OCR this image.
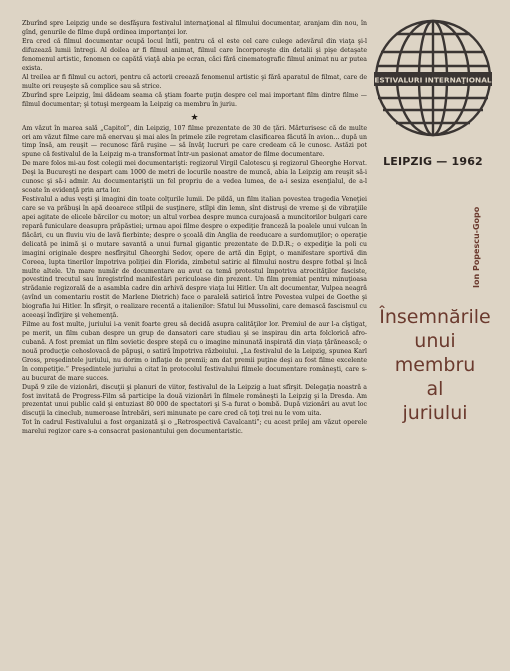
Zburînd spre Leipzig unde se desfăşura festivalul internaţional al filmului documentar, aranjam din nou, în gînd, genurile de filme după ordinea importanţei lor.

Era cred că filmul documentar ocupă locul întîi, pentru că el este cel care culege adevărul din viaţa şi-l difuzează lumii întregi. Al doilea ar fi filmul animat, filmul care încorporeşte din detalii şi pişe detaşate fenomenul artistic, fenomen ce capătă viaţă abia pe ecran, căci fără cinematografic filmul animat nu ar putea exista.

Al treilea ar fi filmul cu actori, pentru că actorii creează fenomenul artistic şi fără aparatul de filmat, care de multe ori reuşeşte să complice sau să strice.

Zburînd spre Leipzig, îmi dădeam seama că ştiam foarte puţin despre cel mai important film dintre filme — filmul documentar; şi totuşi mergeam la Leipzig ca membru în juriu.

★

Am văzut în marea sală „Capitol”, din Leipzig, 107 filme prezentate de 30 de ţări. Mărturisesc că de multe ori am văzut filme care mă enervau şi mai ales în primele zile regretam clasificarea făcută în avion... după un timp însă, am reuşit — recunosc fără ruşine — să învăţ lucruri pe care credeam că le cunosc. Astăzi pot spune că festivalul de la Leipzig m-a transformat într-un pasionat amator de filme documentare.

De mare folos mi-au fost colegii mei documentarişti: regizorul Virgil Calotescu şi regizorul Gheorghe Horvat. Deşi la Bucureşti ne despart cam 1000 de metri de locurile noastre de muncă, abia la Leipzig am reuşit să-i cunosc şi să-i admir. Au documentariştii un fel propriu de a vedea lumea, de a-i sesiza esenţialul, de a-l scoate în evidenţă prin arta lor.

Festivalul a adus veşti şi imagini din toate colţurile lumii. De pildă, un film italian povestea tragedia Veneţiei care se va prăbuşi în apă deoarece stîlpii de susţinere, stîlpi din lemn, sînt distruşi de vreme şi de vibraţiile apei agitate de elicele bărcilor cu motor; un altul vorbea despre munca curajoasă a muncitorilor bulgari care repară funiculare deasupra prăpăstiei; urmau apoi filme despre o expediţie franceză la poalele unui vulcan în flăcări, cu un fluviu viu de lavă fierbinte; despre o şcoală din Anglia de reeducare a surdomuţilor; o operaţie delicată pe inimă şi o mutare savantă a unui furnal gigantic prezentate de D.D.R.; o expediţie la poli cu imagini originale despre nesfîrşitul Gheorghi Sedov, opere de artă din Egipt, o manifestare sportivă din Coreea, lupta tinerilor împotriva poliţiei din Florida, zimbetul satiric al filmului nostru despre fotbal şi încă multe altele. Un mare număr de documentare au avut ca temă protestul împotriva atrocităţilor fasciste, povestind trecutul sau înregistrînd manifestări periculoase din prezent. Un film premiat pentru minuţioasa strădanie regizorală de a asambla cadre din arhivă despre viaţa lui Hitler. Un alt documentar, Vulpea neagră (avînd un comentariu rostit de Marlene Dietrich) face o paralelă satirică între Povestea vulpei de Goethe şi biografia lui Hitler. În sfîrşit, o realizare recentă a italienilor: Sfatul lui Mussolini, care demască fascismul cu aceeaşi îndîrjire şi vehemenţă.

Filme au fost multe, juriului i-a venit foarte greu să decidă asupra calităţilor lor. Premiul de aur l-a cîştigat, pe merit, un film cuban despre un grup de dansatori care studiau şi se inspirau din arta folclorică afro-cubană. A fost premiat un film sovietic despre stepă cu o imagine minunată inspirată din viaţa ţărănească; o nouă producţie cehoslovacă de păpuşi, o satiră împotriva războiului. „La festivalul de la Leipzig, spunea Karl Gross, preşedintele juriului, nu dorim o inflaţie de premii; am dat premii puţine deşi au fost filme excelente în competiţie.” Preşedintele juriului a citat în protocolul festivalului filmele documentare româneşti, care s-au bucurat de mare succes.

După 9 zile de vizionări, discuţii şi planuri de viitor, festivalul de la Leipzig a luat sfîrşit. Delegaţia noastră a fost invitată de Progress-Film să participe la două vizionări în filmele româneşti la Leipzig şi la Dresda. Am prezentat unui public cald şi entuziast 80 000 de spectatori şi S-a furat o bombă. După vizionări au avut loc discuţii la cineclub, numeroase întrebări, seri minunate pe care cred că toţi trei nu le vom uita.

Tot în cadrul Festivalului a fost organizată şi o „Retrospectivă Cavalcanti”; cu acest prilej am văzut operele marelui regizor care s-a consacrat pasionantului gen documentaristic.

FESTIVALURI INTERNAŢIONALE
LEIPZIG — 1962
Ion Popescu-Gopo
Însemnările
unui
membru
al
juriului
